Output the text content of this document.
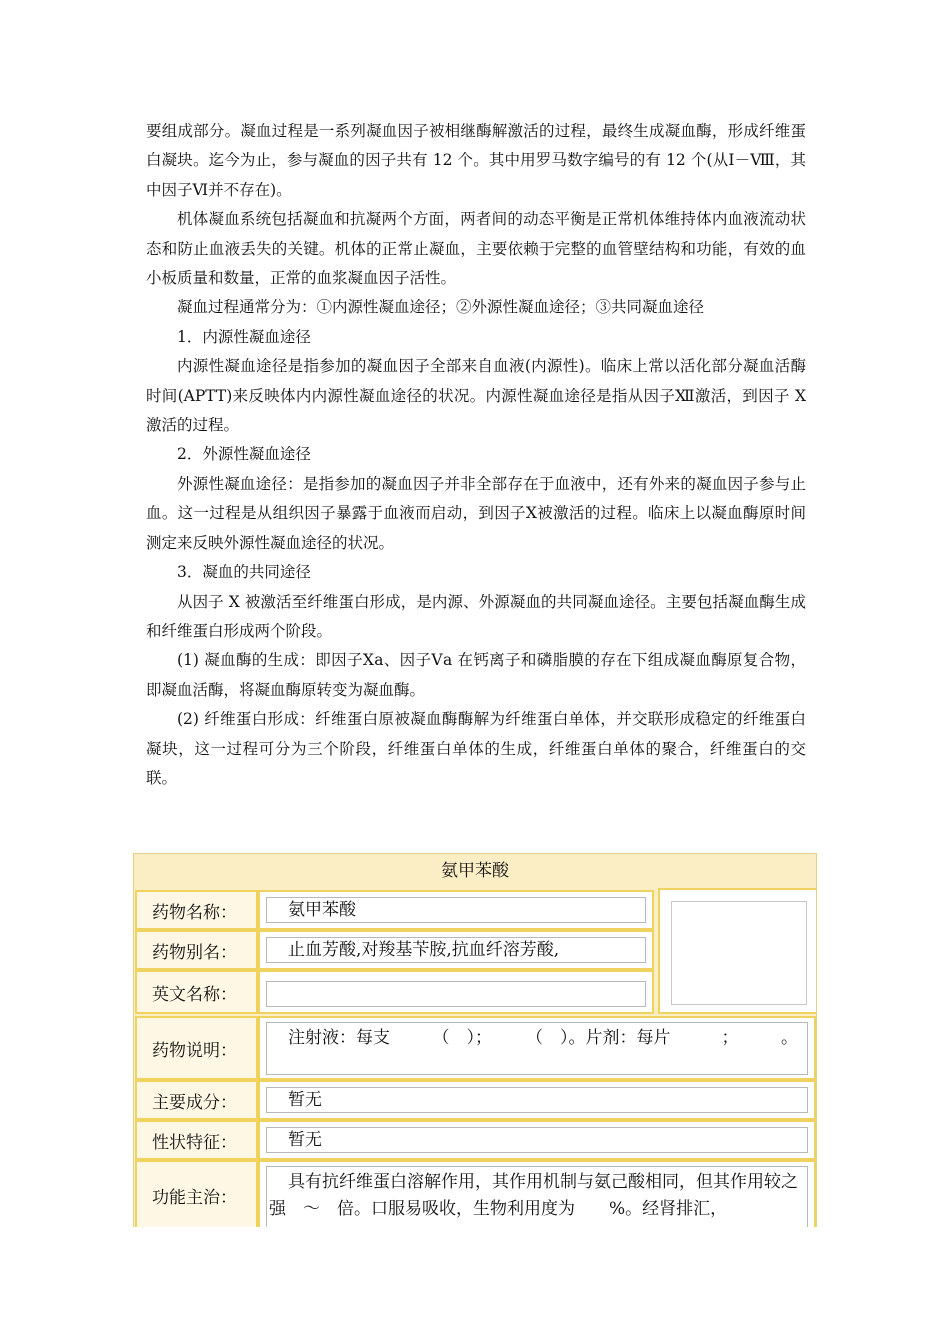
要组成部分。凝血过程是一系列凝血因子被相继酶解激活的过程，最终生成凝血酶，形成纤维蛋白凝块。迄今为止，参与凝血的因子共有 12 个。其中用罗马数字编号的有 12 个(从Ⅰ－Ⅷ，其中因子Ⅵ并不存在)。

机体凝血系统包括凝血和抗凝两个方面，两者间的动态平衡是正常机体维持体内血液流动状态和防止血液丢失的关键。机体的正常止凝血，主要依赖于完整的血管壁结构和功能，有效的血小板质量和数量，正常的血浆凝血因子活性。

凝血过程通常分为：①内源性凝血途径；②外源性凝血途径；③共同凝血途径

1．内源性凝血途径

内源性凝血途径是指参加的凝血因子全部来自血液(内源性)。临床上常以活化部分凝血活酶时间(APTT)来反映体内内源性凝血途径的状况。内源性凝血途径是指从因子Ⅻ激活，到因子 X 激活的过程。

2．外源性凝血途径

外源性凝血途径：是指参加的凝血因子并非全部存在于血液中，还有外来的凝血因子参与止血。这一过程是从组织因子暴露于血液而启动，到因子Ⅹ被激活的过程。临床上以凝血酶原时间测定来反映外源性凝血途径的状况。

3．凝血的共同途径

从因子 X 被激活至纤维蛋白形成，是内源、外源凝血的共同凝血途径。主要包括凝血酶生成和纤维蛋白形成两个阶段。

(1) 凝血酶的生成：即因子Ⅹa、因子Ⅴa 在钙离子和磷脂膜的存在下组成凝血酶原复合物，即凝血活酶，将凝血酶原转变为凝血酶。

(2) 纤维蛋白形成：纤维蛋白原被凝血酶酶解为纤维蛋白单体，并交联形成稳定的纤维蛋白凝块，这一过程可分为三个阶段，纤维蛋白单体的生成，纤维蛋白单体的聚合，纤维蛋白的交联。

氨甲苯酸
药物名称：	氨甲苯酸
药物别名：	止血芳酸,对羧基苄胺,抗血纤溶芳酸,
英文名称：
药物说明：
注射液：每支　　　（　）；　　　（　）。片剂：每片　　　；　　　。
主要成分：	暂无
性状特征：	暂无
功能主治：
具有抗纤维蛋白溶解作用，其作用机制与氨己酸相同，但其作用较之强　～　倍。口服易吸收，生物利用度为　　%。经肾排汇，
